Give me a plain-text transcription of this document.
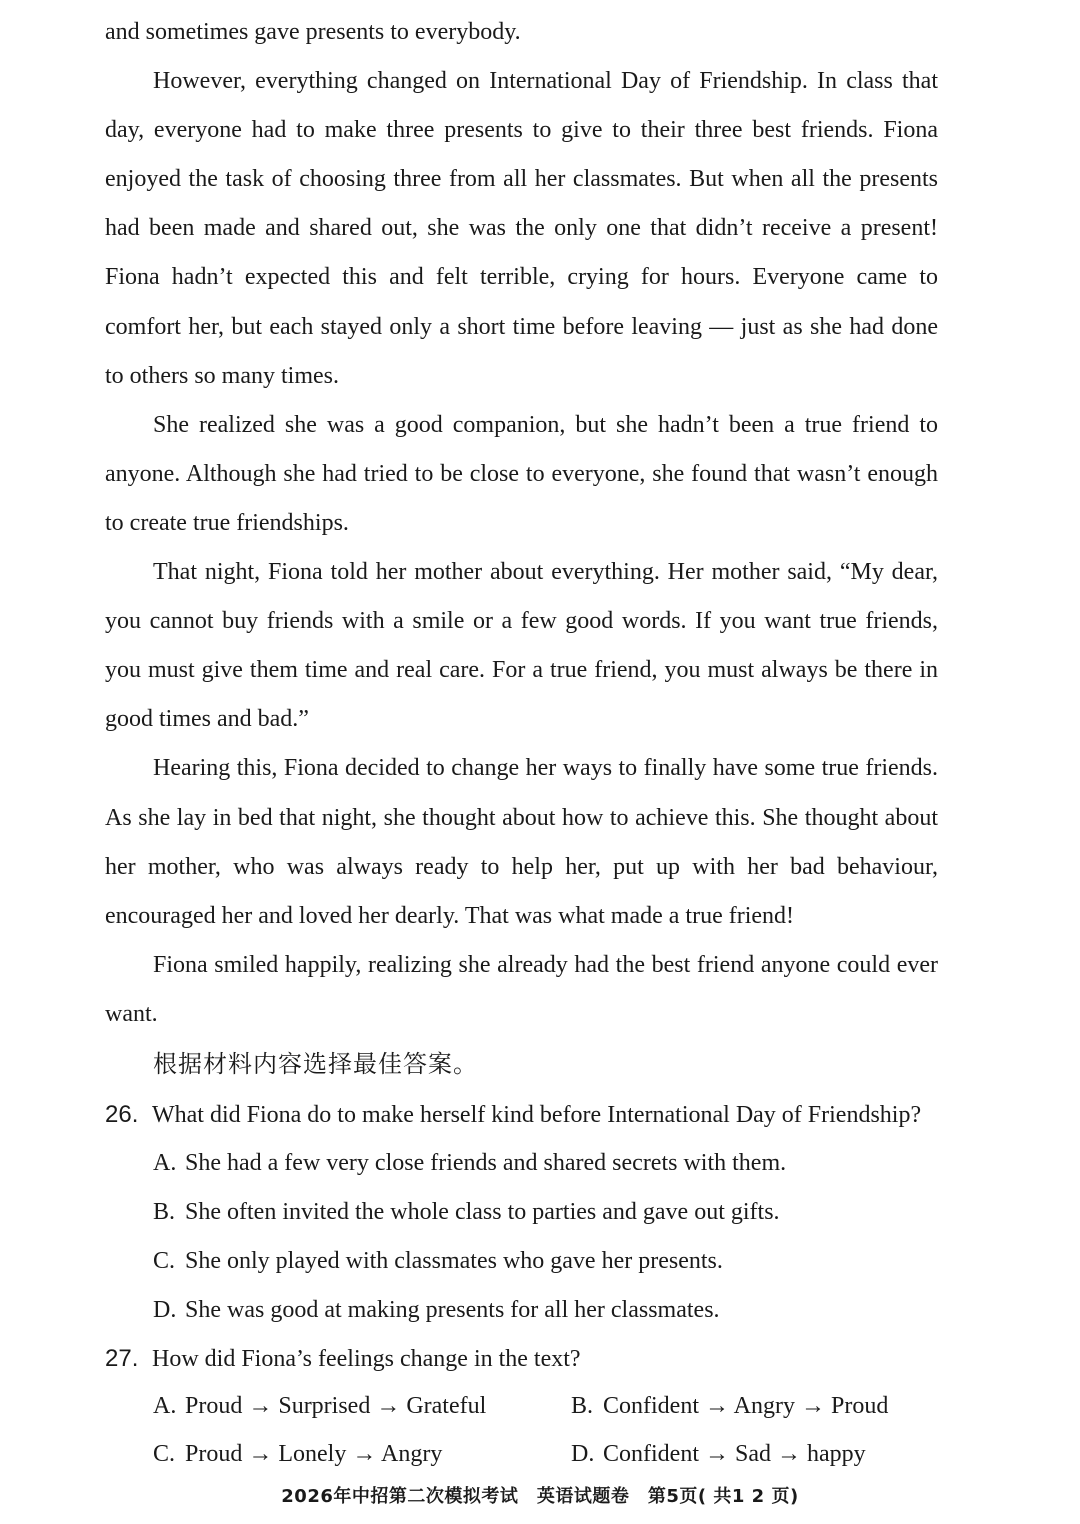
and sometimes gave presents to everybody.

However, everything changed on International Day of Friendship. In class that day, everyone had to make three presents to give to their three best friends. Fiona enjoyed the task of choosing three from all her classmates. But when all the presents had been made and shared out, she was the only one that didn’t receive a present! Fiona hadn’t expected this and felt terrible, crying for hours. Everyone came to comfort her, but each stayed only a short time before leaving — just as she had done to others so many times.

She realized she was a good companion, but she hadn’t been a true friend to anyone. Although she had tried to be close to everyone, she found that wasn’t enough to create true friendships.

That night, Fiona told her mother about everything. Her mother said, “My dear, you cannot buy friends with a smile or a few good words. If you want true friends, you must give them time and real care. For a true friend, you must always be there in good times and bad.”

Hearing this, Fiona decided to change her ways to finally have some true friends. As she lay in bed that night, she thought about how to achieve this. She thought about her mother, who was always ready to help her, put up with her bad behaviour, encouraged her and loved her dearly. That was what made a true friend!

Fiona smiled happily, realizing she already had the best friend anyone could ever want.

根据材料内容选择最佳答案。
26. What did Fiona do to make herself kind before International Day of Friendship?
A. She had a few very close friends and shared secrets with them.
B. She often invited the whole class to parties and gave out gifts.
C. She only played with classmates who gave her presents.
D. She was good at making presents for all her classmates.
27. How did Fiona’s feelings change in the text?
A. Proud → Surprised → Grateful	B. Confident → Angry → Proud
C. Proud → Lonely → Angry	D. Confident → Sad → happy
2026年中招第二次模拟考试　英语试题卷　第5页( 共1 2 页)
